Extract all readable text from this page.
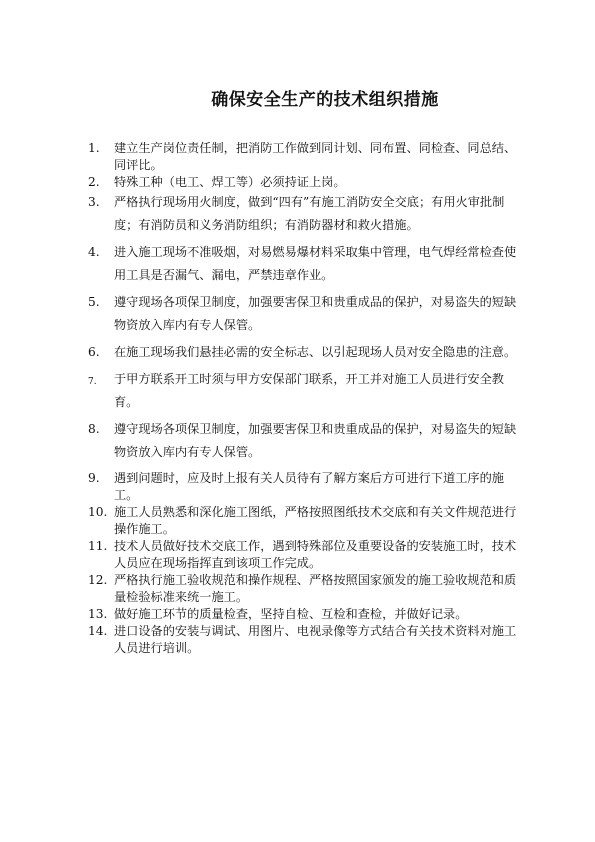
确保安全生产的技术组织措施
1. 建立生产岗位责任制，把消防工作做到同计划、同布置、同检查、同总结、同评比。
2. 特殊工种（电工、焊工等）必须持证上岗。
3. 严格执行现场用火制度，做到“四有”有施工消防安全交底；有用火审批制度；有消防员和义务消防组织；有消防器材和救火措施。
4. 进入施工现场不准吸烟，对易燃易爆材料采取集中管理，电气焊经常检查使用工具是否漏气、漏电，严禁违章作业。
5. 遵守现场各项保卫制度，加强要害保卫和贵重成品的保护，对易盗失的短缺物资放入库内有专人保管。
6. 在施工现场我们悬挂必需的安全标志、以引起现场人员对安全隐患的注意。
7. 于甲方联系开工时须与甲方安保部门联系，开工并对施工人员进行安全教育。
8. 遵守现场各项保卫制度，加强要害保卫和贵重成品的保护，对易盗失的短缺物资放入库内有专人保管。
9. 遇到问题时，应及时上报有关人员待有了解方案后方可进行下道工序的施工。
10. 施工人员熟悉和深化施工图纸，严格按照图纸技术交底和有关文件规范进行操作施工。
11. 技术人员做好技术交底工作，遇到特殊部位及重要设备的安装施工时，技术人员应在现场指挥直到该项工作完成。
12. 严格执行施工验收规范和操作规程、严格按照国家颁发的施工验收规范和质量检验标准来统一施工。
13. 做好施工环节的质量检查，坚持自检、互检和查检，并做好记录。
14. 进口设备的安装与调试、用图片、电视录像等方式结合有关技术资料对施工人员进行培训。
